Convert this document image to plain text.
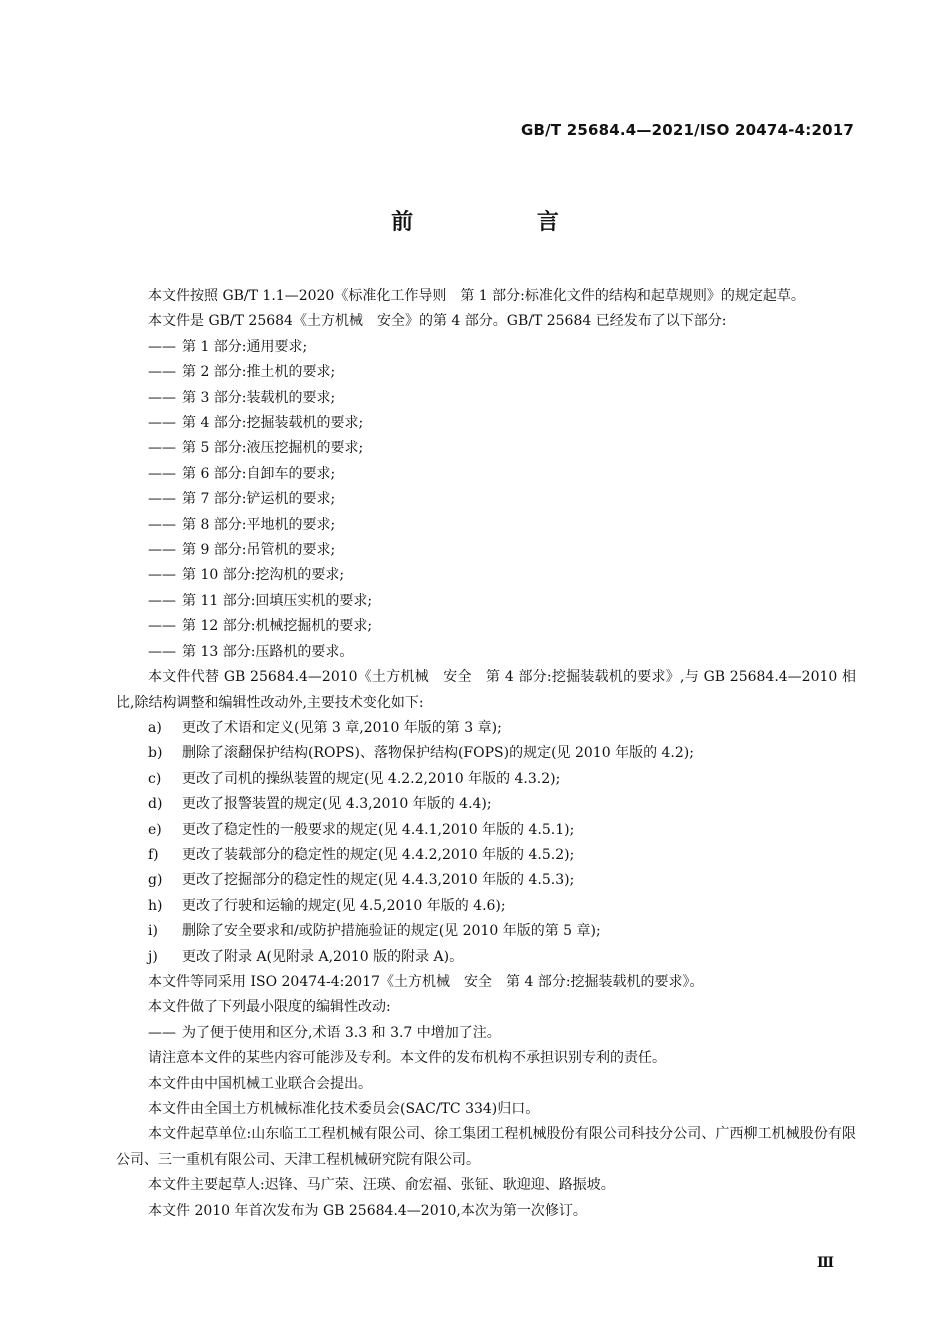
GB/T 25684.4—2021/ISO 20474-4:2017
前 言

本文件按照 GB/T 1.1—2020《标准化工作导则　第 1 部分:标准化文件的结构和起草规则》的规定起草。

本文件是 GB/T 25684《土方机械　安全》的第 4 部分。GB/T 25684 已经发布了以下部分:

—— 第 1 部分:通用要求;

—— 第 2 部分:推土机的要求;

—— 第 3 部分:装载机的要求;

—— 第 4 部分:挖掘装载机的要求;

—— 第 5 部分:液压挖掘机的要求;

—— 第 6 部分:自卸车的要求;

—— 第 7 部分:铲运机的要求;

—— 第 8 部分:平地机的要求;

—— 第 9 部分:吊管机的要求;

—— 第 10 部分:挖沟机的要求;

—— 第 11 部分:回填压实机的要求;

—— 第 12 部分:机械挖掘机的要求;

—— 第 13 部分:压路机的要求。

本文件代替 GB 25684.4—2010《土方机械　安全　第 4 部分:挖掘装载机的要求》,与 GB 25684.4—2010 相比,除结构调整和编辑性改动外,主要技术变化如下:

a) 更改了术语和定义(见第 3 章,2010 年版的第 3 章);

b) 删除了滚翻保护结构(ROPS)、落物保护结构(FOPS)的规定(见 2010 年版的 4.2);

c) 更改了司机的操纵装置的规定(见 4.2.2,2010 年版的 4.3.2);

d) 更改了报警装置的规定(见 4.3,2010 年版的 4.4);

e) 更改了稳定性的一般要求的规定(见 4.4.1,2010 年版的 4.5.1);

f) 更改了装载部分的稳定性的规定(见 4.4.2,2010 年版的 4.5.2);

g) 更改了挖掘部分的稳定性的规定(见 4.4.3,2010 年版的 4.5.3);

h) 更改了行驶和运输的规定(见 4.5,2010 年版的 4.6);

i) 删除了安全要求和/或防护措施验证的规定(见 2010 年版的第 5 章);

j) 更改了附录 A(见附录 A,2010 版的附录 A)。

本文件等同采用 ISO 20474-4:2017《土方机械　安全　第 4 部分:挖掘装载机的要求》。

本文件做了下列最小限度的编辑性改动:

—— 为了便于使用和区分,术语 3.3 和 3.7 中增加了注。

请注意本文件的某些内容可能涉及专利。本文件的发布机构不承担识别专利的责任。

本文件由中国机械工业联合会提出。

本文件由全国土方机械标准化技术委员会(SAC/TC 334)归口。

本文件起草单位:山东临工工程机械有限公司、徐工集团工程机械股份有限公司科技分公司、广西柳工机械股份有限公司、三一重机有限公司、天津工程机械研究院有限公司。

本文件主要起草人:迟锋、马广荣、汪瑛、俞宏福、张钲、耿迎迎、路振坡。

本文件 2010 年首次发布为 GB 25684.4—2010,本次为第一次修订。

Ⅲ
